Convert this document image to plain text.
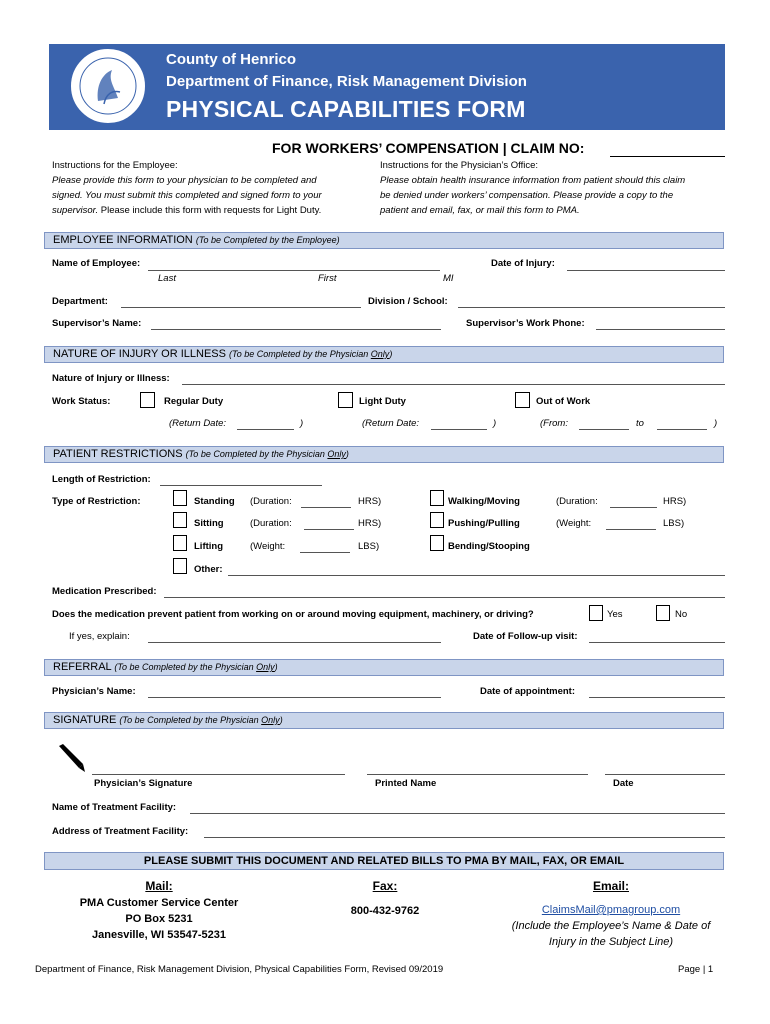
County of Henrico
Department of Finance, Risk Management Division
PHYSICAL CAPABILITIES FORM
FOR WORKERS’ COMPENSATION | CLAIM NO:
Instructions for the Employee:
Please provide this form to your physician to be completed and
signed. You must submit this completed and signed form to your
supervisor. Please include this form with requests for Light Duty.
Instructions for the Physician’s Office:
Please obtain health insurance information from patient should this claim
be denied under workers’ compensation. Please provide a copy to the
patient and email, fax, or mail this form to PMA.
EMPLOYEE INFORMATION (To be Completed by the Employee)
Name of Employee:
Last	First	MI
Date of Injury:
Department:	Division / School:
Supervisor’s Name:	Supervisor’s Work Phone:
NATURE OF INJURY OR ILLNESS (To be Completed by the Physician Only)
Nature of Injury or Illness:
Work Status:	Regular Duty	Light Duty	Out of Work
(Return Date:	)	(Return Date:	)	(From:	to	)
PATIENT RESTRICTIONS (To be Completed by the Physician Only)
Length of Restriction:
Type of Restriction:	Standing (Duration:	HRS)	Walking/Moving	(Duration:	HRS)
Sitting	(Duration:	HRS)	Pushing/Pulling	(Weight:	LBS)
Lifting	(Weight:	LBS)	Bending/Stooping
Other:
Medication Prescribed:
Does the medication prevent patient from working on or around moving equipment, machinery, or driving?	Yes	No
If yes, explain:	Date of Follow-up visit:
REFERRAL (To be Completed by the Physician Only)
Physician’s Name:	Date of appointment:
SIGNATURE (To be Completed by the Physician Only)
Physician’s Signature	Printed Name	Date
Name of Treatment Facility:
Address of Treatment Facility:
PLEASE SUBMIT THIS DOCUMENT AND RELATED BILLS TO PMA BY MAIL, FAX, OR EMAIL
Mail:
PMA Customer Service Center
PO Box 5231
Janesville, WI 53547-5231
Fax:
800-432-9762
Email:
ClaimsMail@pmagroup.com
(Include the Employee’s Name & Date of
Injury in the Subject Line)
Department of Finance, Risk Management Division, Physical Capabilities Form, Revised 09/2019	Page | 1
